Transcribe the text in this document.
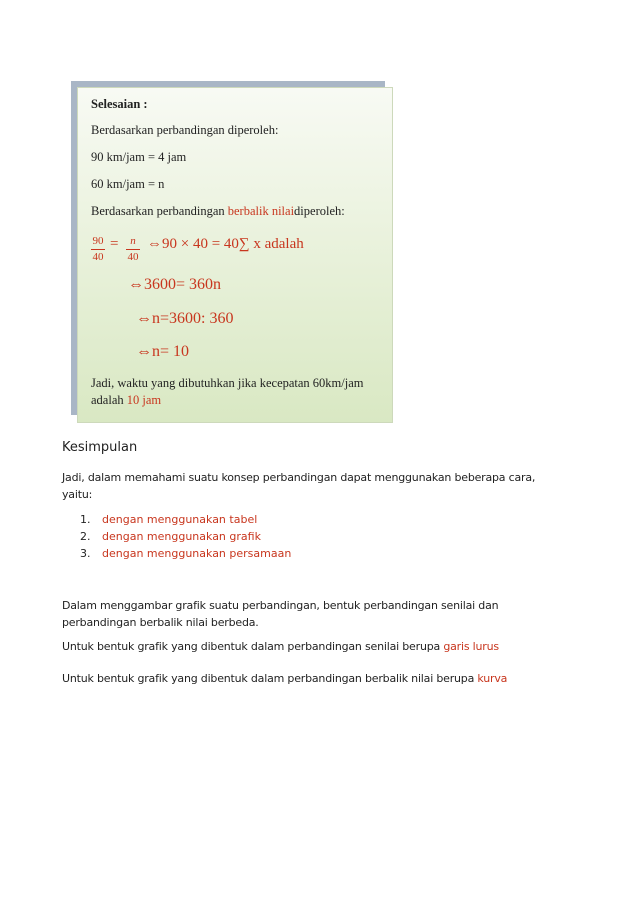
Selesaian :
Berdasarkan perbandingan diperoleh:
90 km/jam = 4 jam
60 km/jam = n
Berdasarkan perbandingan berbalik nilaidiperoleh:
90
40
=	n
40
⇔90 × 40 = 40∑ x adalah
⇔3600= 360n
⇔n=3600: 360
⇔n= 10
Jadi, waktu yang dibutuhkan jika kecepatan 60km/jam
adalah 10 jam
Kesimpulan
Jadi, dalam memahami suatu konsep perbandingan dapat menggunakan beberapa cara,
yaitu:
1. dengan menggunakan tabel
2. dengan menggunakan grafik
3. dengan menggunakan persamaan
Dalam menggambar grafik suatu perbandingan, bentuk perbandingan senilai dan
perbandingan berbalik nilai berbeda.
Untuk bentuk grafik yang dibentuk dalam perbandingan senilai berupa garis lurus
Untuk bentuk grafik yang dibentuk dalam perbandingan berbalik nilai berupa kurva
